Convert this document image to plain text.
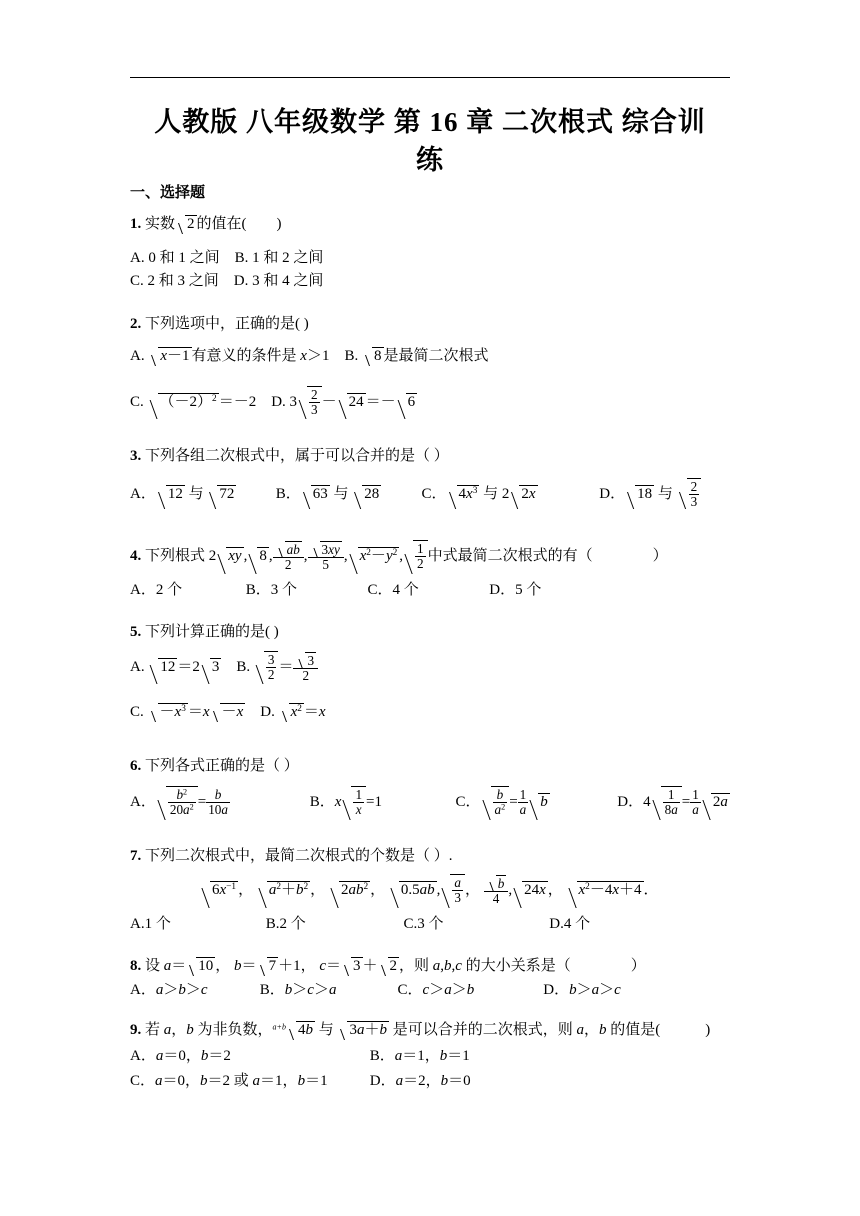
人教版 八年级数学 第 16 章 二次根式 综合训
练
一、选择题
1. 实数 2 的值在(　　)
A. 0 和 1 之间 B. 1 和 2 之间
C. 2 和 3 之间 D. 3 和 4 之间
2. 下列选项中，正确的是( )
A. x－1 有意义的条件是 x＞1 B. 8 是最简二次根式
C. $(-2)^2 =-2$ D. $3 \frac{2}{3} - 24 =- 6$
3. 下列各组二次根式中，属于可以合并的是（ ）
A． 12 与 72	B． 63 与 28	C． $4x^3$ 与 2 2x	D． 18 与 $\frac{2}{3}$
4. 下列根式 2 xy , 8 , $\frac{ab}{2}$ , $\frac{3xy}{5}$ , $x^2-y^2$ , $\frac{1}{2}$ 中式最简二次根式的有（　　　　）
A．2 个	B．3 个	C．4 个	D．5 个
5. 下列计算正确的是( )
A. 12 ＝2 3 B. $\frac{3}{2} = \frac{3}{2}$
C. $-x^3 =x -x$ D. $x^2 =x$
6. 下列各式正确的是（ ）
A． $\frac{b^2}{20a^2} = \frac{b}{10a}$	B．x $\frac{1}{x} =1$	C． $\frac{b}{a^2} = \frac{1}{a}$ b	D．$4 \frac{1}{8a} = \frac{1}{a} 2a$
7. 下列二次根式中，最简二次根式的个数是（ ）.
$6x^{-1}$ ， $a^2+b^2$ ， $2ab^2$ ， 0.5ab , $\frac{a}{3}$ ， $\frac{b}{4}$ , 24x ， $x^2-4x+4$ ．
A.1 个	B.2 个	C.3 个	D.4 个
8. 设 a＝ 10 ， b＝ 7 ＋1， c＝ 3 ＋ 2 ，则 a,b,c 的大小关系是（　　　　）
A．a＞b＞c	B．b＞c＞a	C．c＞a＞b	D．b＞a＞c
9. 若 a，b 为非负数，$^{a+b}$ 4b 与 3a＋b 是可以合并的二次根式，则 a，b 的值是(　　　)
A．a＝0，b＝2	B．a＝1，b＝1
C．a＝0，b＝2 或 a＝1，b＝1	D．a＝2，b＝0
